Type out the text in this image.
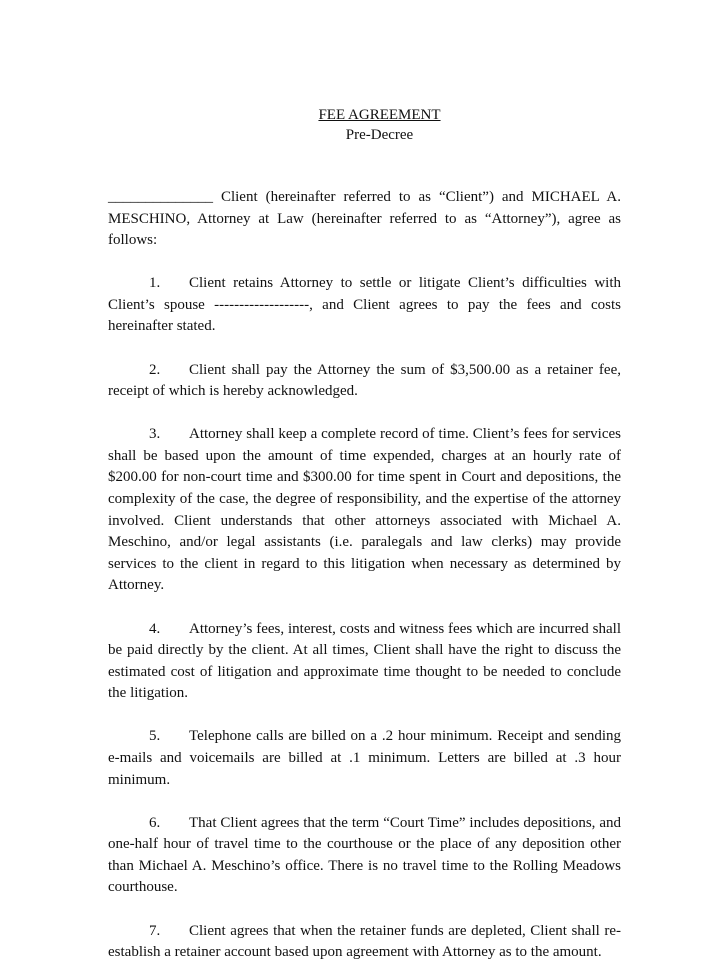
FEE AGREEMENT
Pre-Decree

______________ Client (hereinafter referred to as “Client”) and MICHAEL A. MESCHINO, Attorney at Law (hereinafter referred to as “Attorney”), agree as follows:

1. Client retains Attorney to settle or litigate Client’s difficulties with Client’s spouse -------------------, and Client agrees to pay the fees and costs hereinafter stated.

2. Client shall pay the Attorney the sum of $3,500.00 as a retainer fee, receipt of which is hereby acknowledged.

3. Attorney shall keep a complete record of time. Client’s fees for services shall be based upon the amount of time expended, charges at an hourly rate of $200.00 for non-court time and $300.00 for time spent in Court and depositions, the complexity of the case, the degree of responsibility, and the expertise of the attorney involved. Client understands that other attorneys associated with Michael A. Meschino, and/or legal assistants (i.e. paralegals and law clerks) may provide services to the client in regard to this litigation when necessary as determined by Attorney.

4. Attorney’s fees, interest, costs and witness fees which are incurred shall be paid directly by the client. At all times, Client shall have the right to discuss the estimated cost of litigation and approximate time thought to be needed to conclude the litigation.

5. Telephone calls are billed on a .2 hour minimum. Receipt and sending e-mails and voicemails are billed at .1 minimum. Letters are billed at .3 hour minimum.

6. That Client agrees that the term “Court Time” includes depositions, and one-half hour of travel time to the courthouse or the place of any deposition other than Michael A. Meschino’s office. There is no travel time to the Rolling Meadows courthouse.

7. Client agrees that when the retainer funds are depleted, Client shall re-establish a retainer account based upon agreement with Attorney as to the amount.
